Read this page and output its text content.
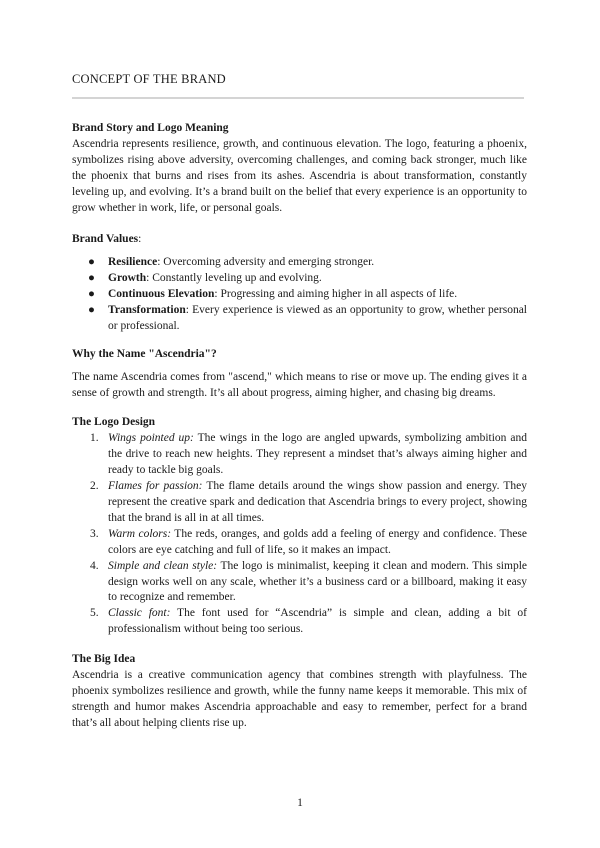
CONCEPT OF THE BRAND

Brand Story and Logo Meaning

Ascendria represents resilience, growth, and continuous elevation. The logo, featuring a phoenix, symbolizes rising above adversity, overcoming challenges, and coming back stronger, much like the phoenix that burns and rises from its ashes. Ascendria is about transformation, constantly leveling up, and evolving. It’s a brand built on the belief that every experience is an opportunity to grow whether in work, life, or personal goals.

Brand Values:

● Resilience: Overcoming adversity and emerging stronger.
● Growth: Constantly leveling up and evolving.
● Continuous Elevation: Progressing and aiming higher in all aspects of life.
● Transformation: Every experience is viewed as an opportunity to grow, whether personal or professional.

Why the Name "Ascendria"?

The name Ascendria comes from "ascend," which means to rise or move up. The ending gives it a sense of growth and strength. It’s all about progress, aiming higher, and chasing big dreams.

The Logo Design

1. Wings pointed up: The wings in the logo are angled upwards, symbolizing ambition and the drive to reach new heights. They represent a mindset that’s always aiming higher and ready to tackle big goals.
2. Flames for passion: The flame details around the wings show passion and energy. They represent the creative spark and dedication that Ascendria brings to every project, showing that the brand is all in at all times.
3. Warm colors: The reds, oranges, and golds add a feeling of energy and confidence. These colors are eye catching and full of life, so it makes an impact.
4. Simple and clean style: The logo is minimalist, keeping it clean and modern. This simple design works well on any scale, whether it’s a business card or a billboard, making it easy to recognize and remember.
5. Classic font: The font used for “Ascendria” is simple and clean, adding a bit of professionalism without being too serious.

The Big Idea

Ascendria is a creative communication agency that combines strength with playfulness. The phoenix symbolizes resilience and growth, while the funny name keeps it memorable. This mix of strength and humor makes Ascendria approachable and easy to remember, perfect for a brand that’s all about helping clients rise up.

1
